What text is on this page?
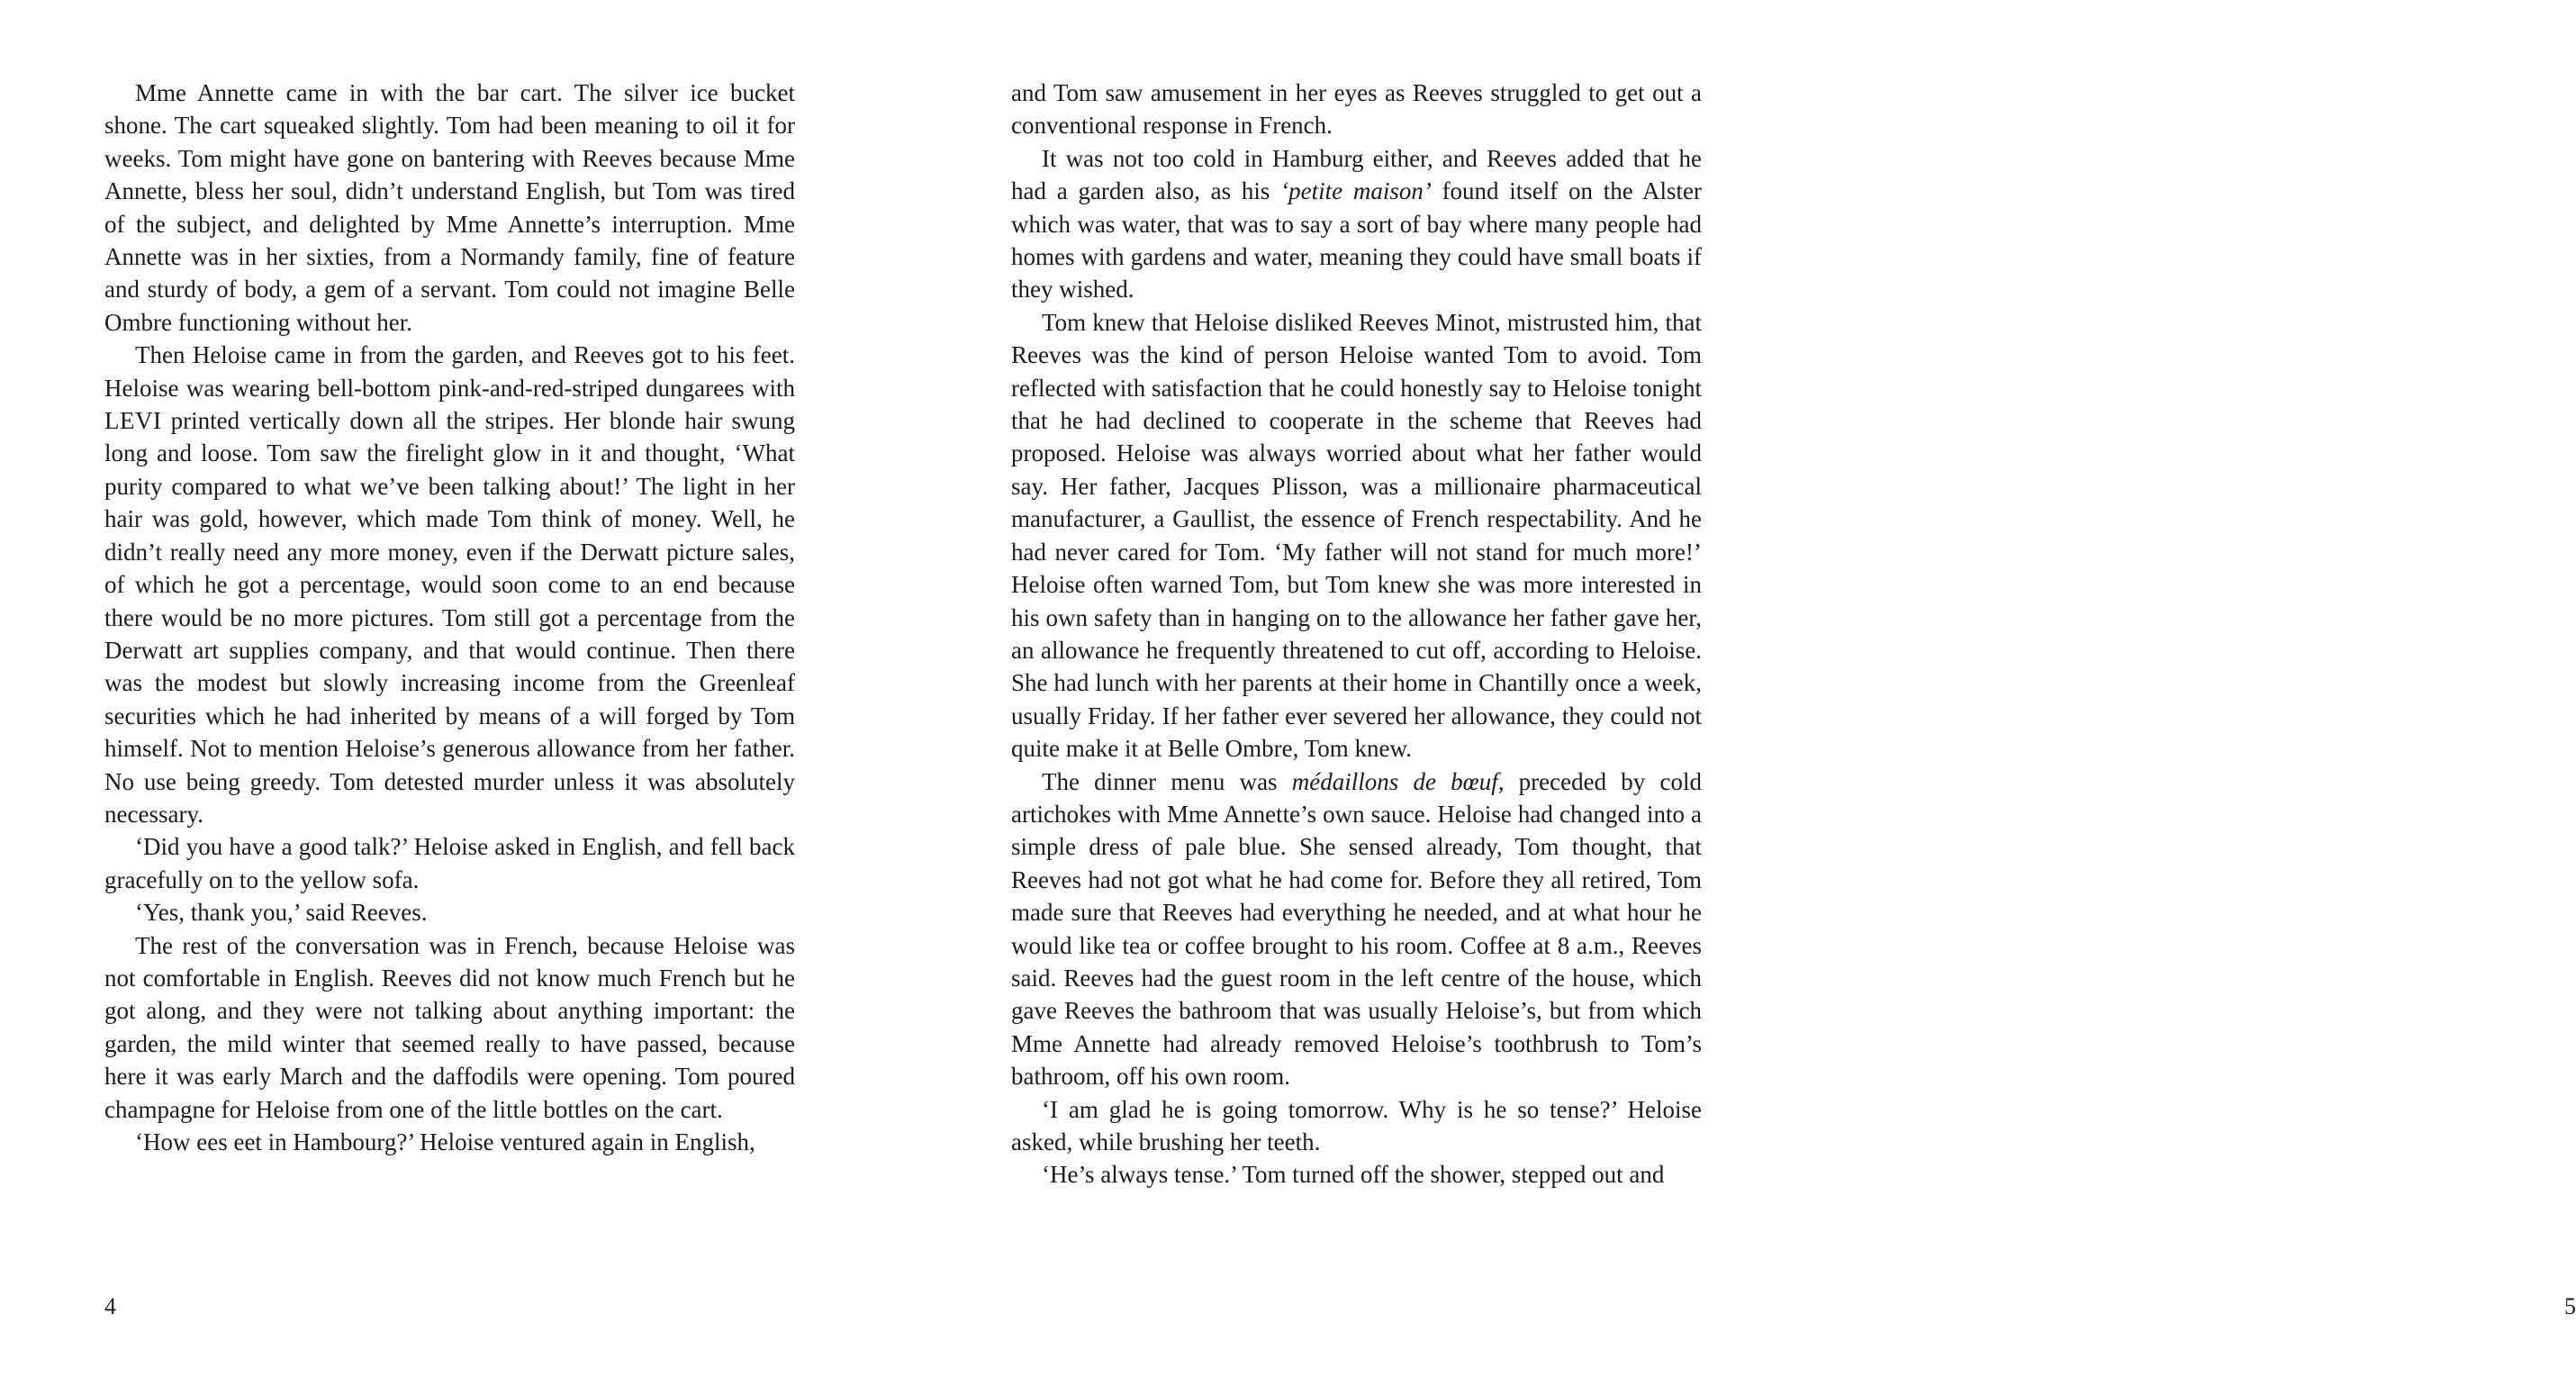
Mme Annette came in with the bar cart. The silver ice bucket shone. The cart squeaked slightly. Tom had been meaning to oil it for weeks. Tom might have gone on bantering with Reeves because Mme Annette, bless her soul, didn’t understand English, but Tom was tired of the subject, and delighted by Mme Annette’s interruption. Mme Annette was in her sixties, from a Normandy family, fine of feature and sturdy of body, a gem of a servant. Tom could not imagine Belle Ombre functioning without her.

Then Heloise came in from the garden, and Reeves got to his feet. Heloise was wearing bell-bottom pink-and-red-striped dungarees with LEVI printed vertically down all the stripes. Her blonde hair swung long and loose. Tom saw the firelight glow in it and thought, ‘What purity compared to what we’ve been talking about!’ The light in her hair was gold, however, which made Tom think of money. Well, he didn’t really need any more money, even if the Derwatt picture sales, of which he got a percentage, would soon come to an end because there would be no more pictures. Tom still got a percentage from the Derwatt art supplies company, and that would continue. Then there was the modest but slowly increasing income from the Greenleaf securities which he had inherited by means of a will forged by Tom himself. Not to mention Heloise’s generous allowance from her father. No use being greedy. Tom detested murder unless it was absolutely necessary.

‘Did you have a good talk?’ Heloise asked in English, and fell back gracefully on to the yellow sofa.

‘Yes, thank you,’ said Reeves.

The rest of the conversation was in French, because Heloise was not comfortable in English. Reeves did not know much French but he got along, and they were not talking about anything important: the garden, the mild winter that seemed really to have passed, because here it was early March and the daffodils were opening. Tom poured champagne for Heloise from one of the little bottles on the cart.

‘How ees eet in Hambourg?’ Heloise ventured again in English,

4

and Tom saw amusement in her eyes as Reeves struggled to get out a conventional response in French.

It was not too cold in Hamburg either, and Reeves added that he had a garden also, as his ‘petite maison’ found itself on the Alster which was water, that was to say a sort of bay where many people had homes with gardens and water, meaning they could have small boats if they wished.

Tom knew that Heloise disliked Reeves Minot, mistrusted him, that Reeves was the kind of person Heloise wanted Tom to avoid. Tom reflected with satisfaction that he could honestly say to Heloise tonight that he had declined to cooperate in the scheme that Reeves had proposed. Heloise was always worried about what her father would say. Her father, Jacques Plisson, was a millionaire pharmaceutical manufacturer, a Gaullist, the essence of French respectability. And he had never cared for Tom. ‘My father will not stand for much more!’ Heloise often warned Tom, but Tom knew she was more interested in his own safety than in hanging on to the allowance her father gave her, an allowance he frequently threatened to cut off, according to Heloise. She had lunch with her parents at their home in Chantilly once a week, usually Friday. If her father ever severed her allowance, they could not quite make it at Belle Ombre, Tom knew.

The dinner menu was médaillons de bœuf, preceded by cold artichokes with Mme Annette’s own sauce. Heloise had changed into a simple dress of pale blue. She sensed already, Tom thought, that Reeves had not got what he had come for. Before they all retired, Tom made sure that Reeves had everything he needed, and at what hour he would like tea or coffee brought to his room. Coffee at 8 a.m., Reeves said. Reeves had the guest room in the left centre of the house, which gave Reeves the bathroom that was usually Heloise’s, but from which Mme Annette had already removed Heloise’s toothbrush to Tom’s bathroom, off his own room.

‘I am glad he is going tomorrow. Why is he so tense?’ Heloise asked, while brushing her teeth.

‘He’s always tense.’ Tom turned off the shower, stepped out and

5
